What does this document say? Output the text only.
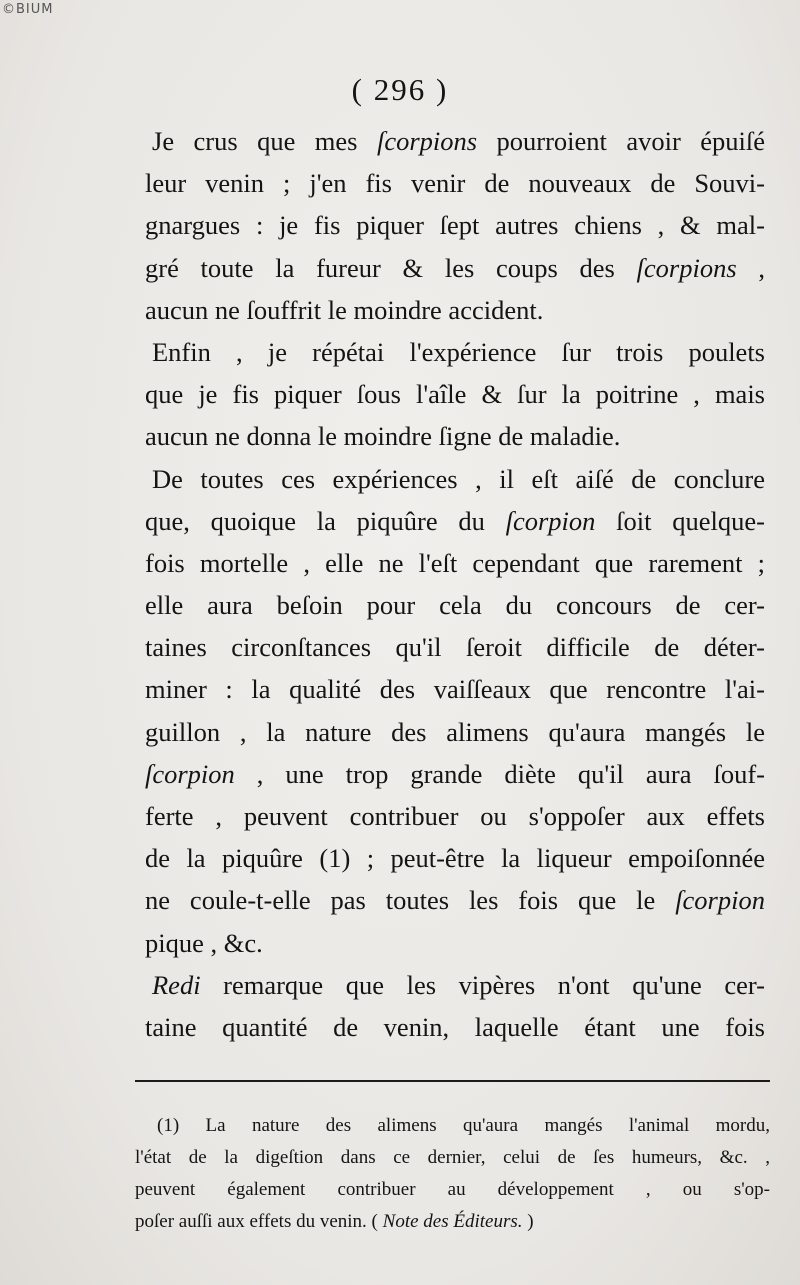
©BIUM
( 296 )
Je crus que mes ſcorpions pourroient avoir épuiſé
leur venin ; j'en fis venir de nouveaux de Souvi-
gnargues : je fis piquer ſept autres chiens , & mal-
gré toute la fureur & les coups des ſcorpions ,
aucun ne ſouffrit le moindre accident.
Enfin , je répétai l'expérience ſur trois poulets
que je fis piquer ſous l'aîle & ſur la poitrine , mais
aucun ne donna le moindre ſigne de maladie.
De toutes ces expériences , il eſt aiſé de conclure
que, quoique la piquûre du ſcorpion ſoit quelque-
fois mortelle , elle ne l'eſt cependant que rarement ;
elle aura beſoin pour cela du concours de cer-
taines circonſtances qu'il ſeroit difficile de déter-
miner : la qualité des vaiſſeaux que rencontre l'ai-
guillon , la nature des alimens qu'aura mangés le
ſcorpion , une trop grande diète qu'il aura ſouf-
ferte , peuvent contribuer ou s'oppoſer aux effets
de la piquûre (1) ; peut-être la liqueur empoiſonnée
ne coule-t-elle pas toutes les fois que le ſcorpion
pique , &c.
Redi remarque que les vipères n'ont qu'une cer-
taine quantité de venin, laquelle étant une fois
(1) La nature des alimens qu'aura mangés l'animal mordu,
l'état de la digeſtion dans ce dernier, celui de ſes humeurs, &c. ,
peuvent également contribuer au développement , ou s'op-
poſer auſſi aux effets du venin. ( Note des Éditeurs. )
